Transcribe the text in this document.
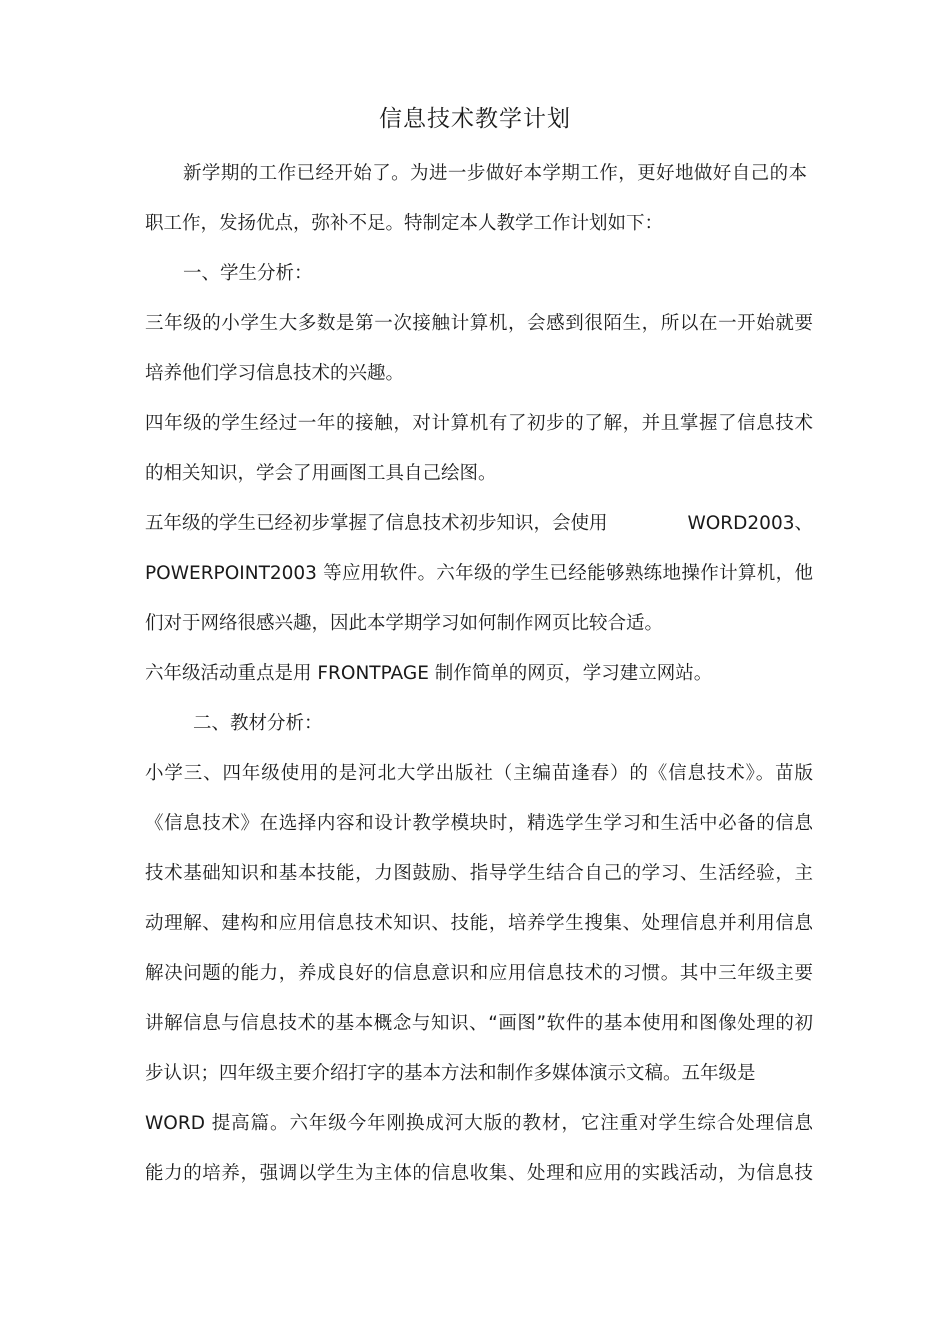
信息技术教学计划
新学期的工作已经开始了。为进一步做好本学期工作，更好地做好自己的本
职工作，发扬优点，弥补不足。特制定本人教学工作计划如下：
一、学生分析：
三年级的小学生大多数是第一次接触计算机，会感到很陌生，所以在一开始就要
培养他们学习信息技术的兴趣。
四年级的学生经过一年的接触，对计算机有了初步的了解，并且掌握了信息技术
的相关知识，学会了用画图工具自己绘图。
五年级的学生已经初步掌握了信息技术初步知识，会使用	WORD2003、
POWERPOINT2003 等应用软件。六年级的学生已经能够熟练地操作计算机，他
们对于网络很感兴趣，因此本学期学习如何制作网页比较合适。
六年级活动重点是用 FRONTPAGE 制作简单的网页，学习建立网站。
二、教材分析：
小学三、四年级使用的是河北大学出版社（主编苗逢春）的《信息技术》。苗版
《信息技术》在选择内容和设计教学模块时，精选学生学习和生活中必备的信息
技术基础知识和基本技能，力图鼓励、指导学生结合自己的学习、生活经验，主
动理解、建构和应用信息技术知识、技能，培养学生搜集、处理信息并利用信息
解决问题的能力，养成良好的信息意识和应用信息技术的习惯。其中三年级主要
讲解信息与信息技术的基本概念与知识、“画图”软件的基本使用和图像处理的初
步认识；四年级主要介绍打字的基本方法和制作多媒体演示文稿。五年级是
WORD 提高篇。六年级今年刚换成河大版的教材，它注重对学生综合处理信息
能力的培养，强调以学生为主体的信息收集、处理和应用的实践活动，为信息技
